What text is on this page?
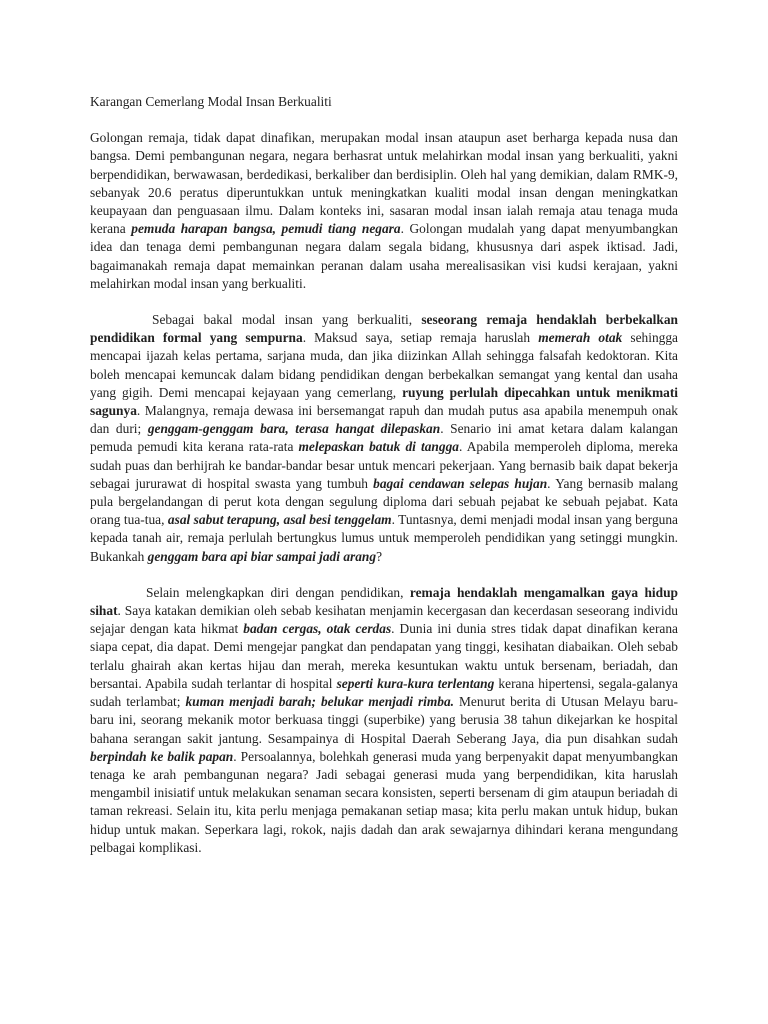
Karangan Cemerlang Modal Insan Berkualiti

Golongan remaja, tidak dapat dinafikan, merupakan modal insan ataupun aset berharga kepada nusa dan bangsa. Demi pembangunan negara, negara berhasrat untuk melahirkan modal insan yang berkualiti, yakni berpendidikan, berwawasan, berdedikasi, berkaliber dan berdisiplin. Oleh hal yang demikian, dalam RMK-9, sebanyak 20.6 peratus diperuntukkan untuk meningkatkan kualiti modal insan dengan meningkatkan keupayaan dan penguasaan ilmu. Dalam konteks ini, sasaran modal insan ialah remaja atau tenaga muda kerana pemuda harapan bangsa, pemudi tiang negara. Golongan mudalah yang dapat menyumbangkan idea dan tenaga demi pembangunan negara dalam segala bidang, khususnya dari aspek iktisad. Jadi, bagaimanakah remaja dapat memainkan peranan dalam usaha merealisasikan visi kudsi kerajaan, yakni melahirkan modal insan yang berkualiti.

Sebagai bakal modal insan yang berkualiti, seseorang remaja hendaklah berbekalkan pendidikan formal yang sempurna. Maksud saya, setiap remaja haruslah memerah otak sehingga mencapai ijazah kelas pertama, sarjana muda, dan jika diizinkan Allah sehingga falsafah kedoktoran. Kita boleh mencapai kemuncak dalam bidang pendidikan dengan berbekalkan semangat yang kental dan usaha yang gigih. Demi mencapai kejayaan yang cemerlang, ruyung perlulah dipecahkan untuk menikmati sagunya. Malangnya, remaja dewasa ini bersemangat rapuh dan mudah putus asa apabila menempuh onak dan duri; genggam-genggam bara, terasa hangat dilepaskan. Senario ini amat ketara dalam kalangan pemuda pemudi kita kerana rata-rata melepaskan batuk di tangga. Apabila memperoleh diploma, mereka sudah puas dan berhijrah ke bandar-bandar besar untuk mencari pekerjaan. Yang bernasib baik dapat bekerja sebagai jururawat di hospital swasta yang tumbuh bagai cendawan selepas hujan. Yang bernasib malang pula bergelandangan di perut kota dengan segulung diploma dari sebuah pejabat ke sebuah pejabat. Kata orang tua-tua, asal sabut terapung, asal besi tenggelam. Tuntasnya, demi menjadi modal insan yang berguna kepada tanah air, remaja perlulah bertungkus lumus untuk memperoleh pendidikan yang setinggi mungkin. Bukankah genggam bara api biar sampai jadi arang?

Selain melengkapkan diri dengan pendidikan, remaja hendaklah mengamalkan gaya hidup sihat. Saya katakan demikian oleh sebab kesihatan menjamin kecergasan dan kecerdasan seseorang individu sejajar dengan kata hikmat badan cergas, otak cerdas. Dunia ini dunia stres tidak dapat dinafikan kerana siapa cepat, dia dapat. Demi mengejar pangkat dan pendapatan yang tinggi, kesihatan diabaikan. Oleh sebab terlalu ghairah akan kertas hijau dan merah, mereka kesuntukan waktu untuk bersenam, beriadah, dan bersantai. Apabila sudah terlantar di hospital seperti kura-kura terlentang kerana hipertensi, segala-galanya sudah terlambat; kuman menjadi barah; belukar menjadi rimba. Menurut berita di Utusan Melayu baru-baru ini, seorang mekanik motor berkuasa tinggi (superbike) yang berusia 38 tahun dikejarkan ke hospital bahana serangan sakit jantung. Sesampainya di Hospital Daerah Seberang Jaya, dia pun disahkan sudah berpindah ke balik papan. Persoalannya, bolehkah generasi muda yang berpenyakit dapat menyumbangkan tenaga ke arah pembangunan negara? Jadi sebagai generasi muda yang berpendidikan, kita haruslah mengambil inisiatif untuk melakukan senaman secara konsisten, seperti bersenam di gim ataupun beriadah di taman rekreasi. Selain itu, kita perlu menjaga pemakanan setiap masa; kita perlu makan untuk hidup, bukan hidup untuk makan. Seperkara lagi, rokok, najis dadah dan arak sewajarnya dihindari kerana mengundang pelbagai komplikasi.
